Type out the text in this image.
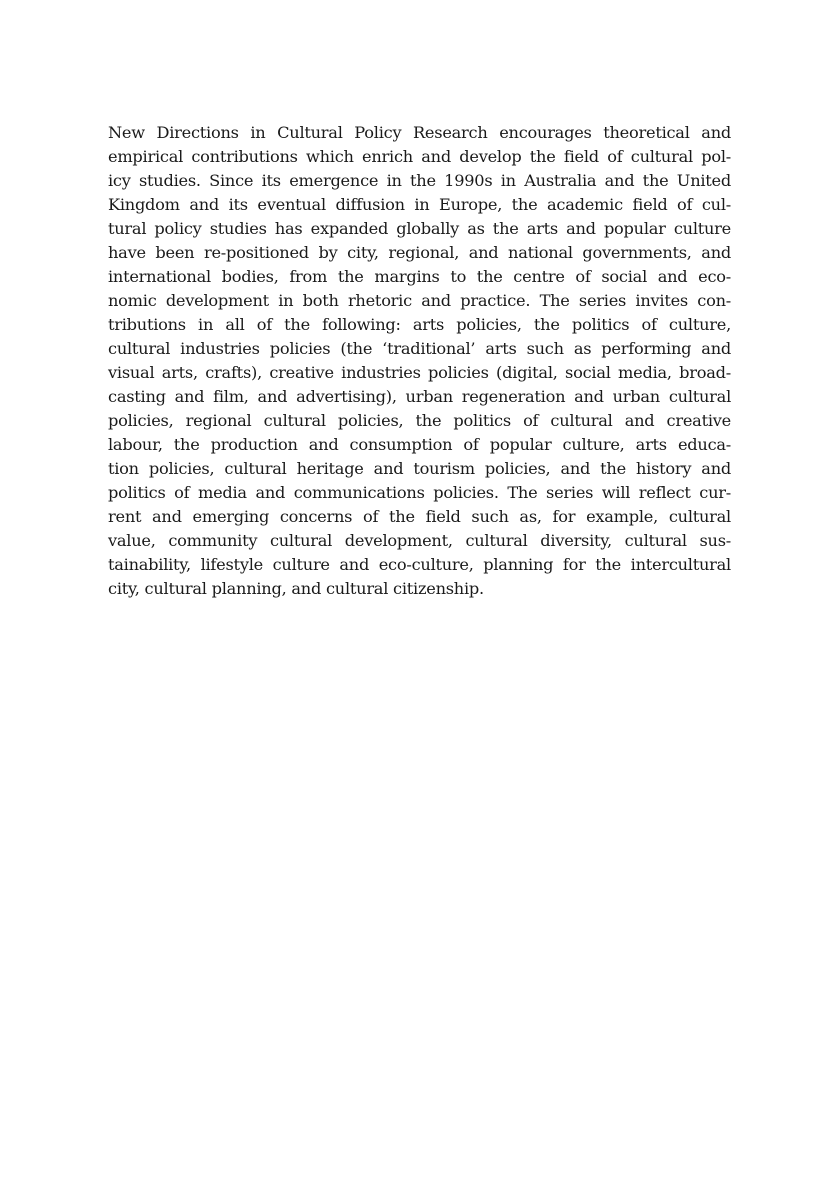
New Directions in Cultural Policy Research encourages theoretical and
empirical contributions which enrich and develop the field of cultural pol-
icy studies. Since its emergence in the 1990s in Australia and the United
Kingdom and its eventual diffusion in Europe, the academic field of cul-
tural policy studies has expanded globally as the arts and popular culture
have been re-positioned by city, regional, and national governments, and
international bodies, from the margins to the centre of social and eco-
nomic development in both rhetoric and practice. The series invites con-
tributions in all of the following: arts policies, the politics of culture,
cultural industries policies (the ‘traditional’ arts such as performing and
visual arts, crafts), creative industries policies (digital, social media, broad-
casting and film, and advertising), urban regeneration and urban cultural
policies, regional cultural policies, the politics of cultural and creative
labour, the production and consumption of popular culture, arts educa-
tion policies, cultural heritage and tourism policies, and the history and
politics of media and communications policies. The series will reflect cur-
rent and emerging concerns of the field such as, for example, cultural
value, community cultural development, cultural diversity, cultural sus-
tainability, lifestyle culture and eco-culture, planning for the intercultural
city, cultural planning, and cultural citizenship.
